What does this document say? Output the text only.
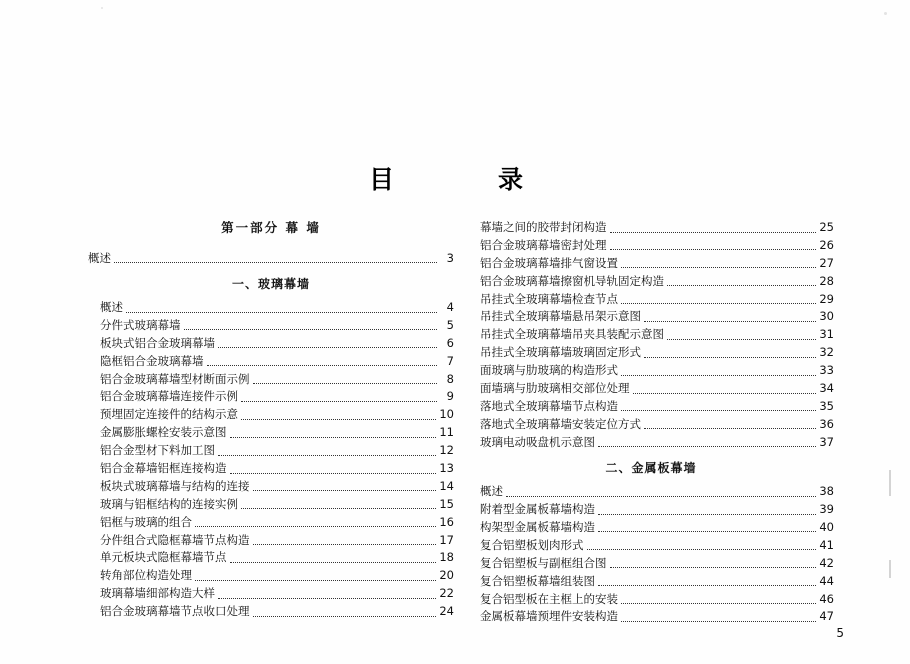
目　　录
第一部分 幕 墙
概述	3
一、玻璃幕墙
概述	4
分件式玻璃幕墙	5
板块式铝合金玻璃幕墙	6
隐框铝合金玻璃幕墙	7
铝合金玻璃幕墙型材断面示例	8
铝合金玻璃幕墙连接件示例	9
预埋固定连接件的结构示意	10
金属膨胀螺栓安装示意图	11
铝合金型材下料加工图	12
铝合金幕墙铝框连接构造	13
板块式玻璃幕墙与结构的连接	14
玻璃与铝框结构的连接实例	15
铝框与玻璃的组合	16
分件组合式隐框幕墙节点构造	17
单元板块式隐框幕墙节点	18
转角部位构造处理	20
玻璃幕墙细部构造大样	22
铝合金玻璃幕墙节点收口处理	24
幕墙之间的胶带封闭构造	25
铝合金玻璃幕墙密封处理	26
铝合金玻璃幕墙排气窗设置	27
铝合金玻璃幕墙擦窗机导轨固定构造	28
吊挂式全玻璃幕墙检查节点	29
吊挂式全玻璃幕墙悬吊架示意图	30
吊挂式全玻璃幕墙吊夹具装配示意图	31
吊挂式全玻璃幕墙玻璃固定形式	32
面玻璃与肋玻璃的构造形式	33
面墙璃与肋玻璃相交部位处理	34
落地式全玻璃幕墙节点构造	35
落地式全玻璃幕墙安装定位方式	36
玻璃电动吸盘机示意图	37
二、金属板幕墙
概述	38
附着型金属板幕墙构造	39
构架型金属板幕墙构造	40
复合铝塑板划肉形式	41
复合铝塑板与副框组合图	42
复合铝塑板幕墙组装图	44
复合铝型板在主框上的安装	46
金属板幕墙预埋件安装构造	47
5
